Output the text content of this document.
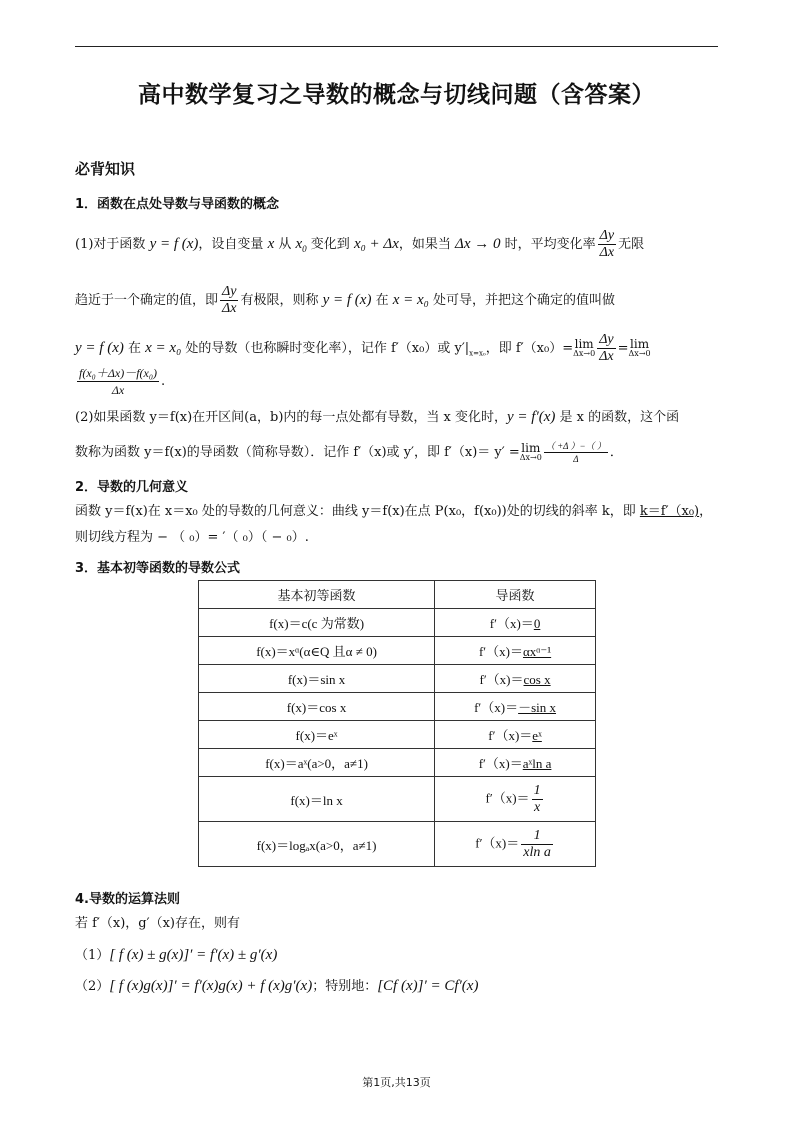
高中数学复习之导数的概念与切线问题（含答案）
必背知识
1．函数在点处导数与导函数的概念
(1)对于函数 y = f (x)，设自变量 x 从 $x_0$ 变化到 x₀ + Δx，如果当 Δx → 0 时，平均变化率 $\frac{\Delta y}{\Delta x}$ 无限
趋近于一个确定的值，即 $\frac{\Delta y}{\Delta x}$ 有极限，则称 y = f (x) 在 x = x₀ 处可导，并把这个确定的值叫做
y = f (x) 在 x = x₀ 处的导数（也称瞬时变化率），记作 f′（x₀）或 $y'|_{x=x_0}$，即 f′（x₀）= lim
$\Delta x\to 0 \frac{\Delta y}{\Delta x} = \lim$
Δx→0
$\frac{\text{f(x₀＋Δx)－f(x₀)}}{\Delta x}$ .
(2)如果函数 y＝f(x)在开区间(a，b)内的每一点处都有导数，当 x 变化时，y = f′(x) 是 x 的函数，这个函
数称为函数 y＝f(x)的导函数（简称导数）．记作 f′（x)或 y′，即 f′（x)＝ y′ = lim
$\Delta x\to 0 \frac{( +\Delta )-( )}{\Delta}$ ．
2．导数的几何意义
函数 y＝f(x)在 x＝x₀ 处的导数的几何意义：曲线 y＝f(x)在点 P(x₀，f(x₀))处的切线的斜率 k，即 k＝f′（x₀)，
则切线方程为 − （ ₀）= ′（ ₀）（ − ₀）.
3．基本初等函数的导数公式
基本初等函数	导函数
f(x)＝c(c 为常数)	f′（x)＝0
f(x)＝xᵅ(α∈Q 且α ≠ 0)	f′（x)＝αxᵅ⁻¹
f(x)＝sin x	f′（x)＝cos x
f(x)＝cos x	f′（x)＝－sin x
f(x)＝eˣ	f′（x)＝eˣ
f(x)＝aˣ(a>0，a≠1)	f′（x)＝aˣln a
f(x)＝ln x	$f'(x)= \frac{1}{x}$

f(x)＝logₐx(a>0，a≠1)	$f'(x)= \frac{1}{\text{xln a}}$
4.导数的运算法则
若 f′（x)，g′（x)存在，则有
（1）[ f (x) ± g(x)]′ = f′(x) ± g′(x)
（2）[ f (x)g(x)]′ = f′(x)g(x) + f (x)g′(x)；特别地：[Cf (x)]′ = Cf′(x)
第1页,共13页
